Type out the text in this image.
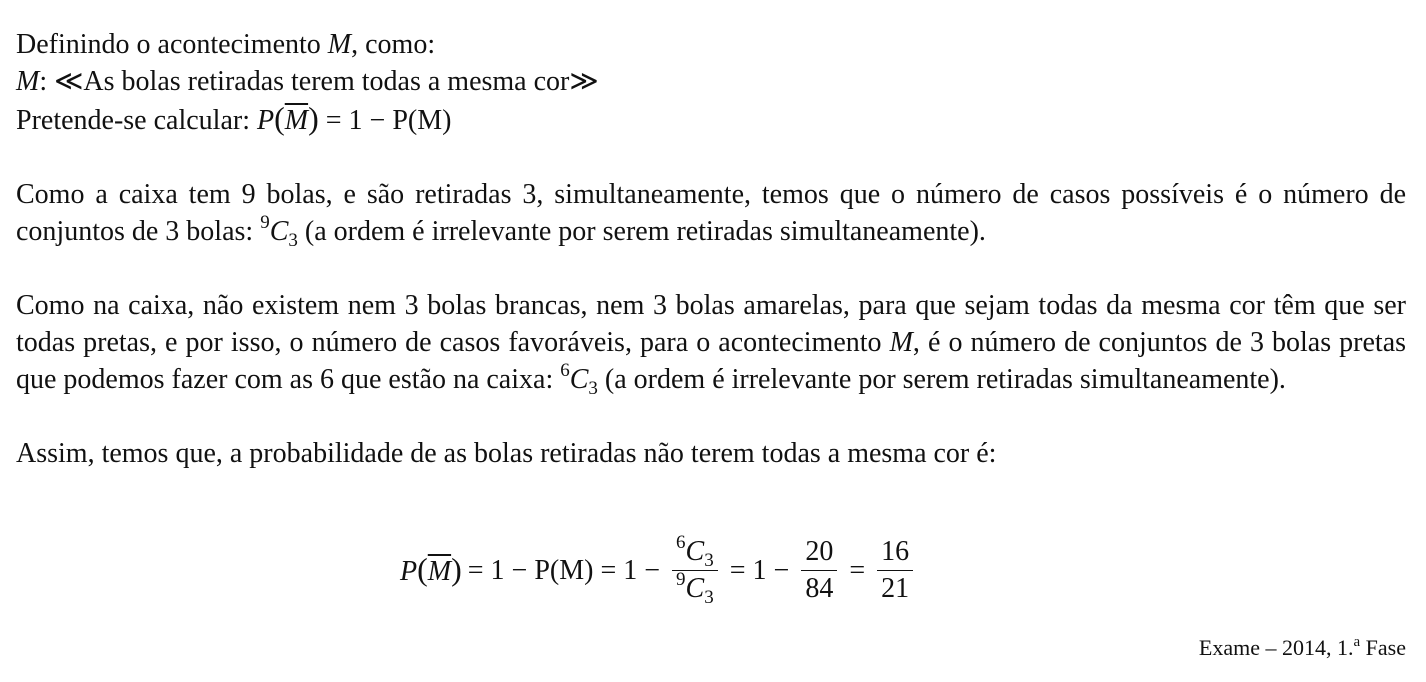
Definindo o acontecimento M, como:
M: ≪As bolas retiradas terem todas a mesma cor≫
Pretende-se calcular: $P(\overline{M}) = 1 - P(M)$
Como a caixa tem 9 bolas, e são retiradas 3, simultaneamente, temos que o número de casos possíveis é o número de conjuntos de 3 bolas: $^9C_3$ (a ordem é irrelevante por serem retiradas simultaneamente).
Como na caixa, não existem nem 3 bolas brancas, nem 3 bolas amarelas, para que sejam todas da mesma cor têm que ser todas pretas, e por isso, o número de casos favoráveis, para o acontecimento M, é o número de conjuntos de 3 bolas pretas que podemos fazer com as 6 que estão na caixa: $^6C_3$ (a ordem é irrelevante por serem retiradas simultaneamente).
Assim, temos que, a probabilidade de as bolas retiradas não terem todas a mesma cor é:
$P(\overline{M}) = 1 - P(M) = 1 - \frac{^6C_3}{^9C_3} = 1 - \frac{20}{84} = \frac{16}{21}$
Exame – 2014, 1.$^a$ Fase
